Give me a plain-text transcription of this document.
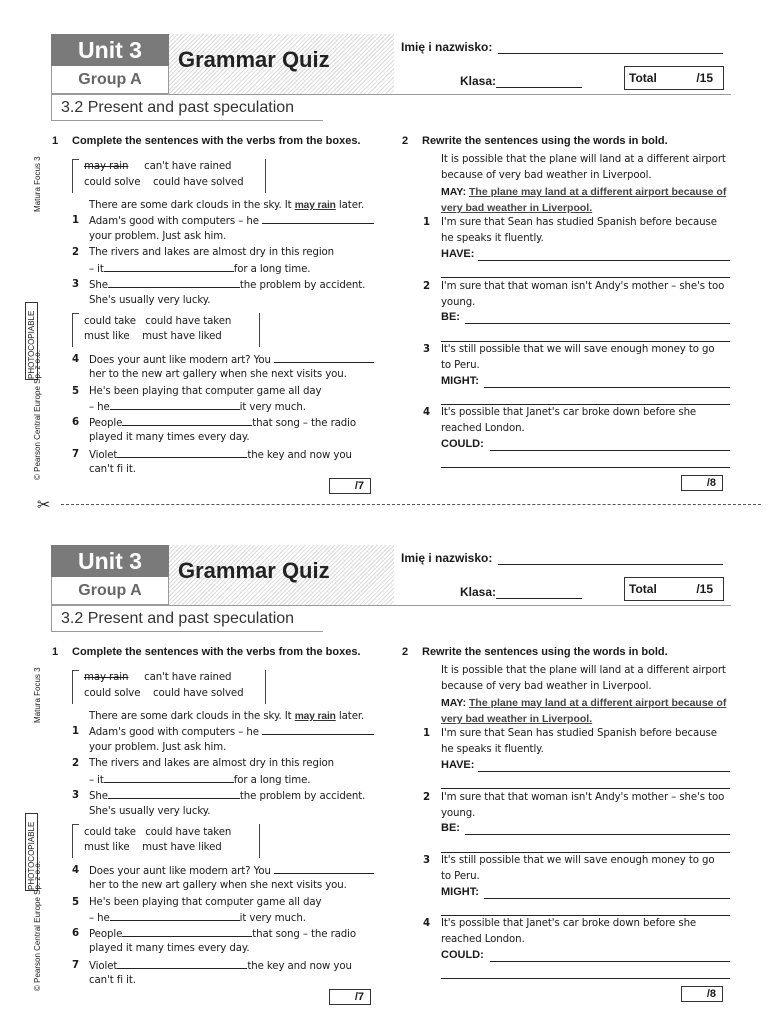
Unit 3
Group A
Grammar Quiz	Imię i nazwisko:
Klasa:	Total	/15
3.2 Present and past speculation
Matura Focus 3
PHOTOCOPIABLE
© Pearson Central Europe Sp. z o.o.
1 Complete the sentences with the verbs from the boxes.
may rain can't have rained
could solve could have solved
There are some dark clouds in the sky. It may rain later.
1 Adam's good with computers – he
your problem. Just ask him.
2 The rivers and lakes are almost dry in this region
– it	for a long time.
3 She	the problem by accident.
She's usually very lucky.
could take could have taken
must like must have liked
4 Does your aunt like modern art? You
her to the new art gallery when she next visits you.
5 He's been playing that computer game all day
– he	it very much.
6 People	that song – the radio
played it many times every day.
7 Violet	the key and now you
can't fi it.
/7
2 Rewrite the sentences using the words in bold.
It is possible that the plane will land at a different airport
because of very bad weather in Liverpool.
MAY: The plane may land at a different airport because of
very bad weather in Liverpool.
1 I'm sure that Sean has studied Spanish before because
he speaks it fluently.
HAVE:
2 I'm sure that that woman isn't Andy's mother – she's too
young.
BE:
3 It's still possible that we will save enough money to go
to Peru.
MIGHT:
4 It's possible that Janet's car broke down before she
reached London.
COULD:
/8
✂
Unit 3
Group A
Grammar Quiz	Imię i nazwisko:
Klasa:	Total	/15
3.2 Present and past speculation
Matura Focus 3
PHOTOCOPIABLE
© Pearson Central Europe Sp. z o.o.
1 Complete the sentences with the verbs from the boxes.
may rain can't have rained
could solve could have solved
There are some dark clouds in the sky. It may rain later.
1 Adam's good with computers – he
your problem. Just ask him.
2 The rivers and lakes are almost dry in this region
– it	for a long time.
3 She	the problem by accident.
She's usually very lucky.
could take could have taken
must like must have liked
4 Does your aunt like modern art? You
her to the new art gallery when she next visits you.
5 He's been playing that computer game all day
– he	it very much.
6 People	that song – the radio
played it many times every day.
7 Violet	the key and now you
can't fi it.
/7
2 Rewrite the sentences using the words in bold.
It is possible that the plane will land at a different airport
because of very bad weather in Liverpool.
MAY: The plane may land at a different airport because of
very bad weather in Liverpool.
1 I'm sure that Sean has studied Spanish before because
he speaks it fluently.
HAVE:
2 I'm sure that that woman isn't Andy's mother – she's too
young.
BE:
3 It's still possible that we will save enough money to go
to Peru.
MIGHT:
4 It's possible that Janet's car broke down before she
reached London.
COULD:
/8
